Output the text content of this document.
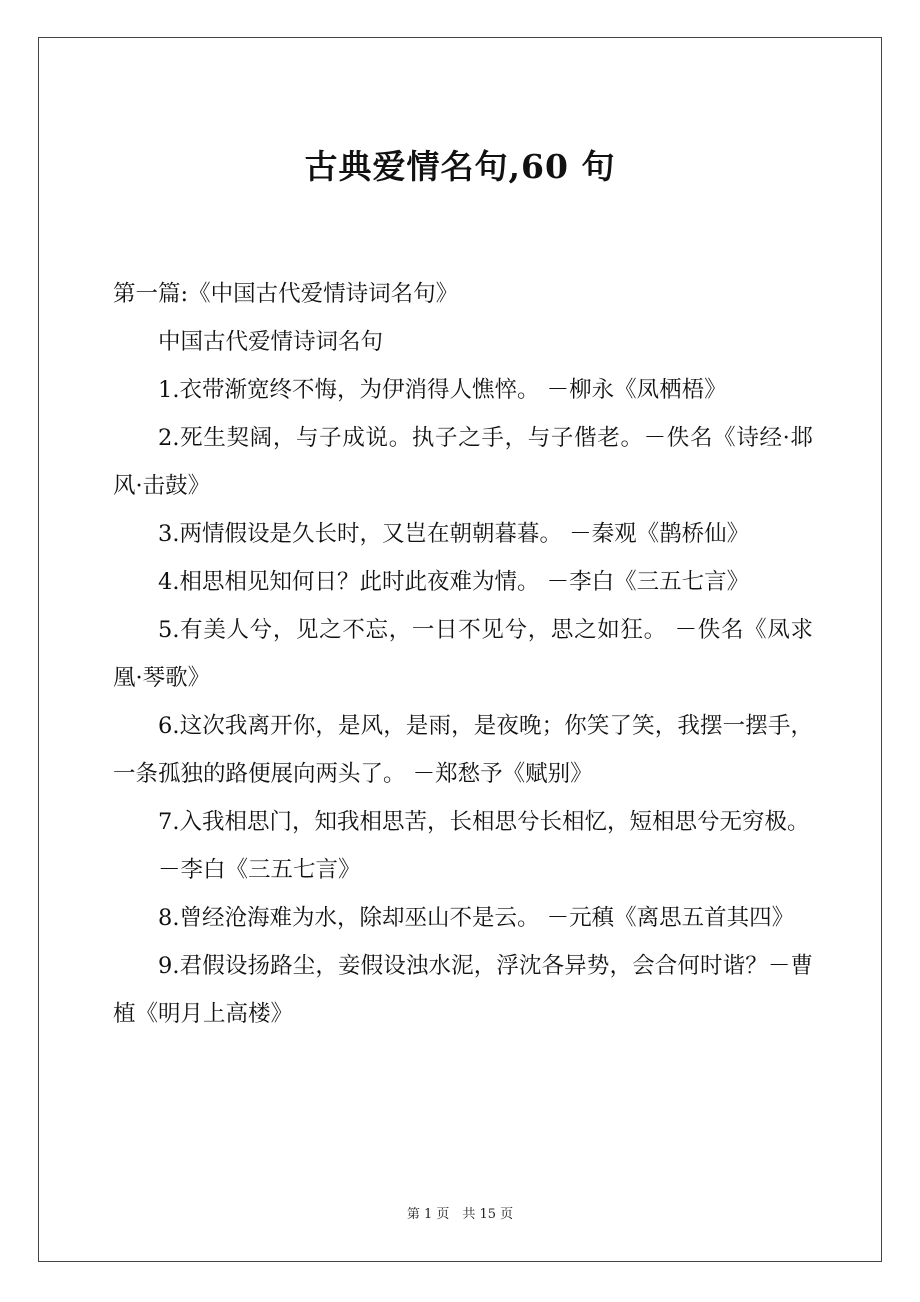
古典爱情名句,60 句

第一篇:《中国古代爱情诗词名句》

中国古代爱情诗词名句

1.衣带渐宽终不悔，为伊消得人憔悴。 －柳永《凤栖梧》

2.死生契阔，与子成说。执子之手，与子偕老。－佚名《诗经·邶风·击鼓》

3.两情假设是久长时，又岂在朝朝暮暮。 －秦观《鹊桥仙》

4.相思相见知何日？此时此夜难为情。 －李白《三五七言》

5.有美人兮，见之不忘，一日不见兮，思之如狂。 －佚名《凤求凰·琴歌》

6.这次我离开你，是风，是雨，是夜晚；你笑了笑，我摆一摆手，一条孤独的路便展向两头了。 －郑愁予《赋别》

7.入我相思门，知我相思苦，长相思兮长相忆，短相思兮无穷极。

－李白《三五七言》

8.曾经沧海难为水，除却巫山不是云。 －元稹《离思五首其四》

9.君假设扬路尘，妾假设浊水泥，浮沈各异势，会合何时谐？－曹植《明月上高楼》

第 1 页　共 15 页
